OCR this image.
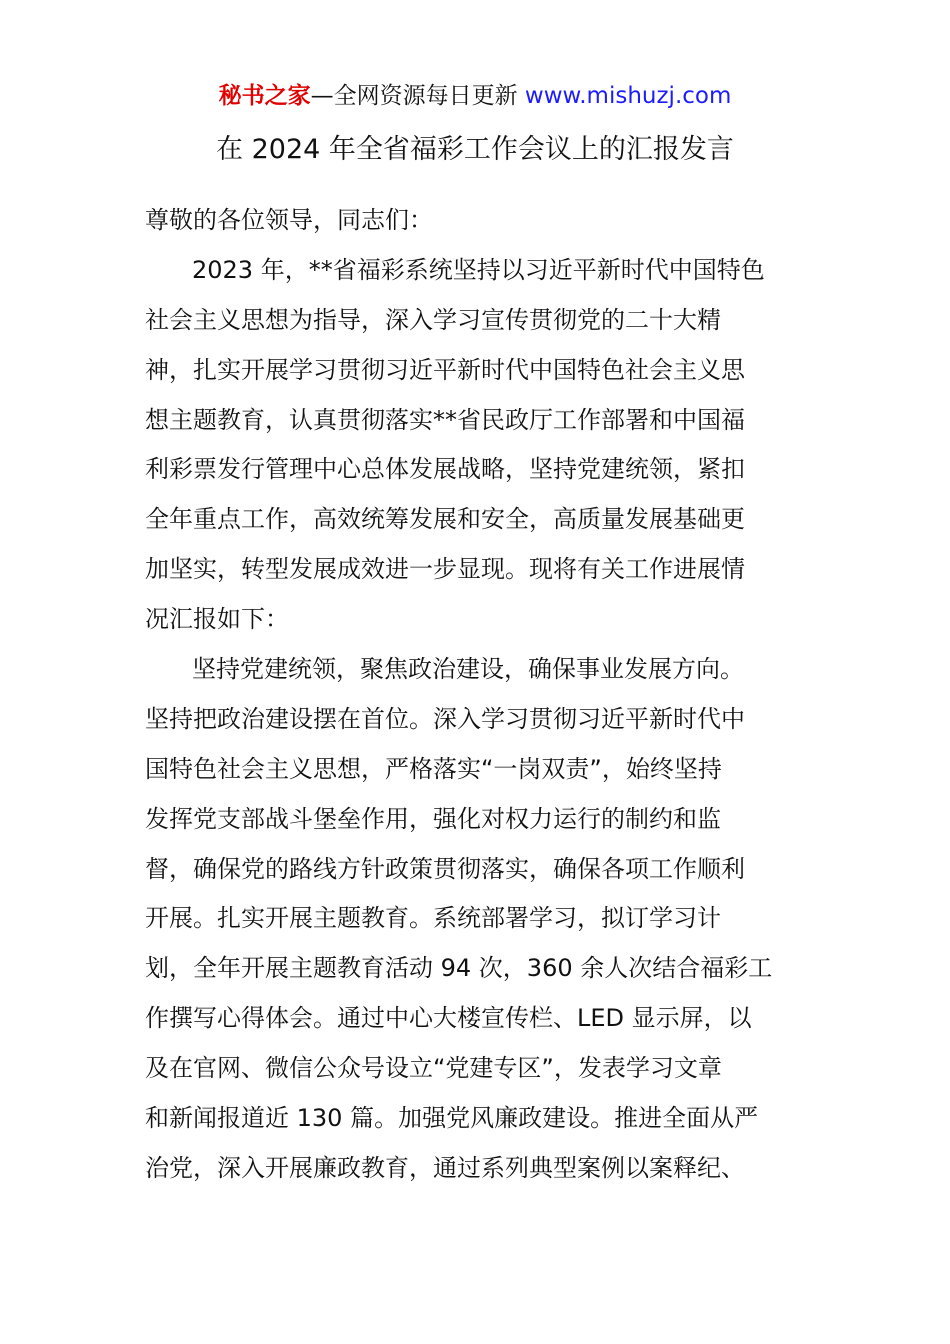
秘书之家—全网资源每日更新 www.mishuzj.com
在 2024 年全省福彩工作会议上的汇报发言
尊敬的各位领导，同志们：
2023 年，**省福彩系统坚持以习近平新时代中国特色
社会主义思想为指导，深入学习宣传贯彻党的二十大精
神，扎实开展学习贯彻习近平新时代中国特色社会主义思
想主题教育，认真贯彻落实**省民政厅工作部署和中国福
利彩票发行管理中心总体发展战略，坚持党建统领，紧扣
全年重点工作，高效统筹发展和安全，高质量发展基础更
加坚实，转型发展成效进一步显现。现将有关工作进展情
况汇报如下：
坚持党建统领，聚焦政治建设，确保事业发展方向。
坚持把政治建设摆在首位。深入学习贯彻习近平新时代中
国特色社会主义思想，严格落实“一岗双责”，始终坚持
发挥党支部战斗堡垒作用，强化对权力运行的制约和监
督，确保党的路线方针政策贯彻落实，确保各项工作顺利
开展。扎实开展主题教育。系统部署学习，拟订学习计
划，全年开展主题教育活动 94 次，360 余人次结合福彩工
作撰写心得体会。通过中心大楼宣传栏、LED 显示屏，以
及在官网、微信公众号设立“党建专区”，发表学习文章
和新闻报道近 130 篇。加强党风廉政建设。推进全面从严
治党，深入开展廉政教育，通过系列典型案例以案释纪、
